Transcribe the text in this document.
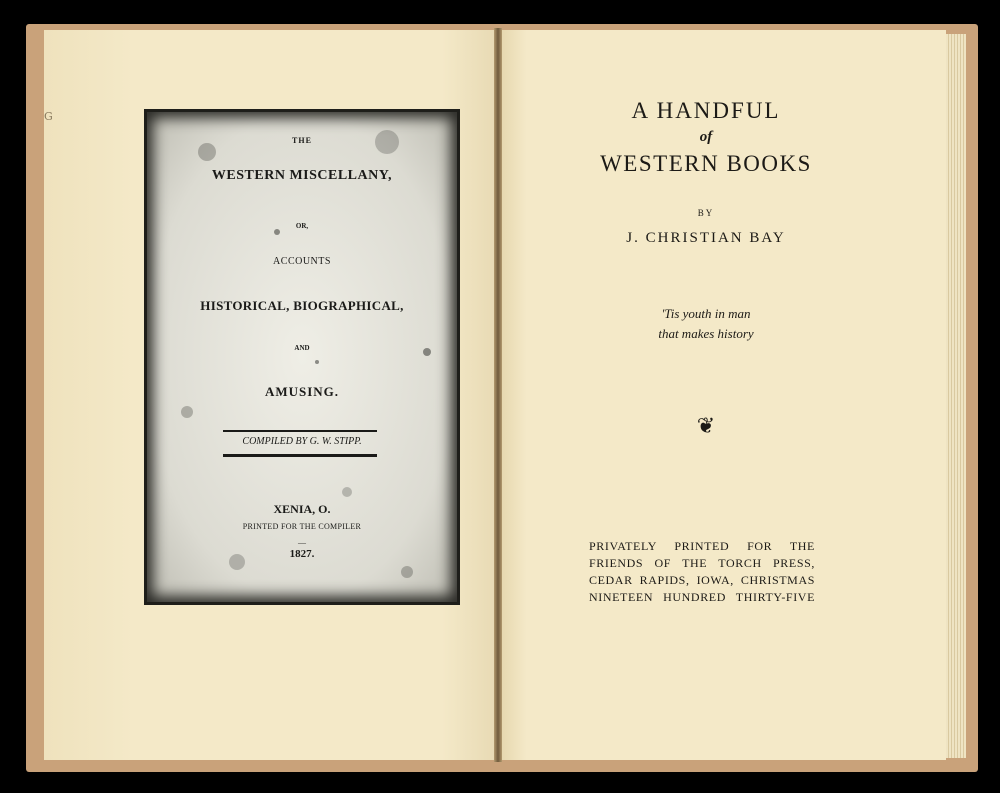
G
THE
WESTERN MISCELLANY,
OR,
ACCOUNTS
HISTORICAL, BIOGRAPHICAL,
AND
AMUSING.
COMPILED BY G. W. STIPP.
XENIA, O.
PRINTED FOR THE COMPILER
—
1827.
A HANDFUL
of
WESTERN BOOKS
BY
J. CHRISTIAN BAY
'Tis youth in man
that makes history
❦
PRIVATELY PRINTED FOR THE
FRIENDS OF THE TORCH PRESS,
CEDAR RAPIDS, IOWA, CHRISTMAS
NINETEEN HUNDRED THIRTY-FIVE
